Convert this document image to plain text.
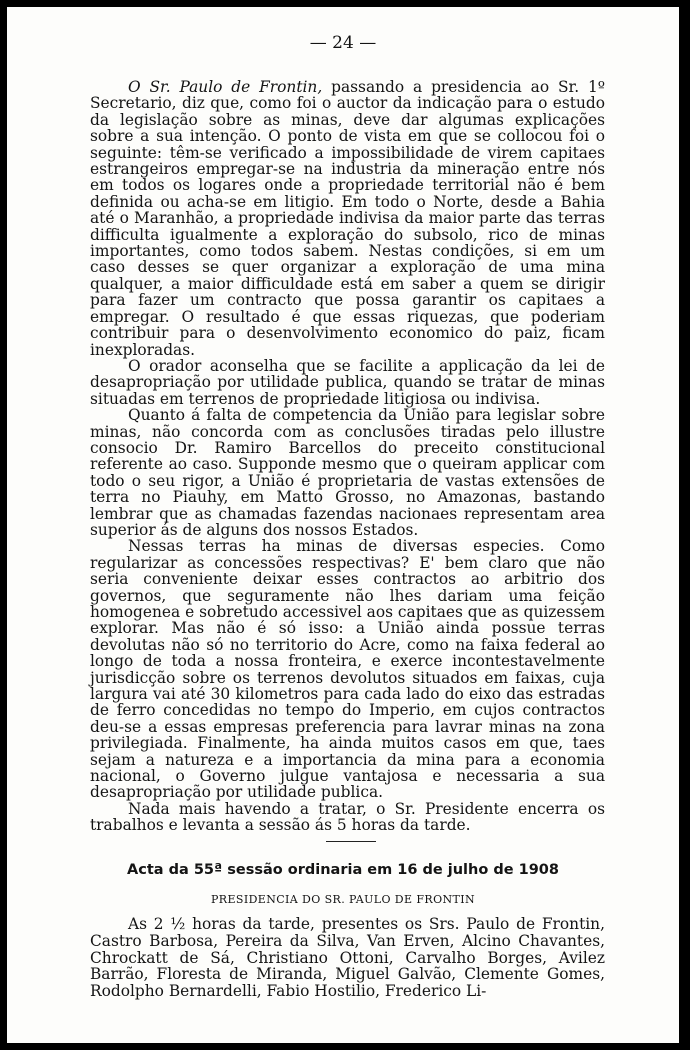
— 24 —

O Sr. Paulo de Frontin, passando a presidencia ao Sr. 1º Secretario, diz que, como foi o auctor da indicação para o estudo da legislação sobre as minas, deve dar algumas explicações sobre a sua intenção. O ponto de vista em que se collocou foi o seguinte: têm-se verificado a impossibilidade de virem capitaes estrangeiros empregar-se na industria da mineração entre nós em todos os logares onde a propriedade territorial não é bem definida ou acha-se em litigio. Em todo o Norte, desde a Bahia até o Maranhão, a propriedade indivisa da maior parte das terras difficulta igualmente a exploração do subsolo, rico de minas importantes, como todos sabem. Nestas condições, si em um caso desses se quer organizar a exploração de uma mina qualquer, a maior difficuldade está em saber a quem se dirigir para fazer um contracto que possa garantir os capitaes a empregar. O resultado é que essas riquezas, que poderiam contribuir para o desenvolvimento economico do paiz, ficam inexploradas.

O orador aconselha que se facilite a applicação da lei de desapropriação por utilidade publica, quando se tratar de minas situadas em terrenos de propriedade litigiosa ou indivisa.

Quanto á falta de competencia da União para legislar sobre minas, não concorda com as conclusões tiradas pelo illustre consocio Dr. Ramiro Barcellos do preceito constitucional referente ao caso. Supponde mesmo que o queiram applicar com todo o seu rigor, a União é proprietaria de vastas extensões de terra no Piauhy, em Matto Grosso, no Amazonas, bastando lembrar que as chamadas fazendas nacionaes representam area superior ás de alguns dos nossos Estados.

Nessas terras ha minas de diversas especies. Como regularizar as concessões respectivas? E' bem claro que não seria conveniente deixar esses contractos ao arbitrio dos governos, que seguramente não lhes dariam uma feição homogenea e sobretudo accessivel aos capitaes que as quizessem explorar. Mas não é só isso: a União ainda possue terras devolutas não só no territorio do Acre, como na faixa federal ao longo de toda a nossa fronteira, e exerce incontestavelmente jurisdicção sobre os terrenos devolutos situados em faixas, cuja largura vai até 30 kilometros para cada lado do eixo das estradas de ferro concedidas no tempo do Imperio, em cujos contractos deu-se a essas empresas preferencia para lavrar minas na zona privilegiada. Finalmente, ha ainda muitos casos em que, taes sejam a natureza e a importancia da mina para a economia nacional, o Governo julgue vantajosa e necessaria a sua desapropriação por utilidade publica.

Nada mais havendo a tratar, o Sr. Presidente encerra os trabalhos e levanta a sessão ás 5 horas da tarde.

Acta da 55ª sessão ordinaria em 16 de julho de 1908
PRESIDENCIA DO SR. PAULO DE FRONTIN

As 2 ½ horas da tarde, presentes os Srs. Paulo de Frontin, Castro Barbosa, Pereira da Silva, Van Erven, Alcino Chavantes, Chrockatt de Sá, Christiano Ottoni, Carvalho Borges, Avilez Barrão, Floresta de Miranda, Miguel Galvão, Clemente Gomes, Rodolpho Bernardelli, Fabio Hostilio, Frederico Li-
